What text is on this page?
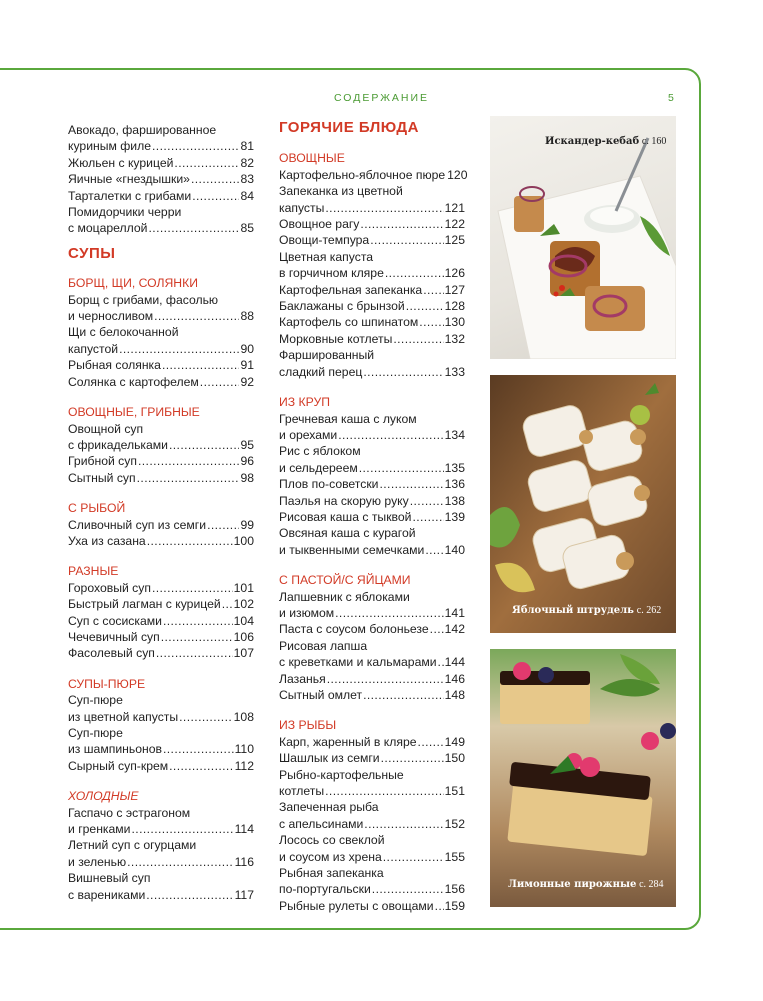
СОДЕРЖАНИЕ	5
Авокадо, фаршированное
куриным филе .....	81
Жюльен с курицей .....	82
Яичные «гнездышки» .....	83
Тарталетки с грибами .....	84
Помидорчики черри
с моцареллой .....	85
СУПЫ
БОРЩ, ЩИ, СОЛЯНКИ
Борщ с грибами, фасолью
и черносливом .....	88
Щи с белокочанной
капустой .....	90
Рыбная солянка .....	91
Солянка с картофелем .....	92
ОВОЩНЫЕ, ГРИБНЫЕ
Овощной суп
с фрикадельками .....	95
Грибной суп .....	96
Сытный суп .....	98
С РЫБОЙ
Сливочный суп из семги .....	99
Уха из сазана .....	100
РАЗНЫЕ
Гороховый суп .....	101
Быстрый лагман с курицей ..... 102
Суп с сосисками .....	104
Чечевичный суп .....	106
Фасолевый суп .....	107
СУПЫ-ПЮРЕ
Суп-пюре
из цветной капусты .....	108
Суп-пюре
из шампиньонов .....	110
Сырный суп-крем .....	112
ХОЛОДНЫЕ
Гаспачо с эстрагоном
и гренками .....	114
Летний суп с огурцами
и зеленью .....	116
Вишневый суп
с варениками .....	117
ГОРЯЧИЕ БЛЮДА
ОВОЩНЫЕ
Картофельно-яблочное пюре 120
Запеканка из цветной
капусты .....	121
Овощное рагу .....	122
Овощи-темпура .....	125
Цветная капуста
в горчичном кляре .....	126
Картофельная запеканка ..... 127
Баклажаны с брынзой .....	128
Картофель со шпинатом ..... 130
Морковные котлеты .....	132
Фаршированный
сладкий перец .....	133
ИЗ КРУП
Гречневая каша с луком
и орехами .....	134
Рис с яблоком
и сельдереем .....	135
Плов по-советски .....	136
Паэлья на скорую руку .....	138
Рисовая каша с тыквой .....	139
Овсяная каша с курагой
и тыквенными семечками ..... 140
С ПАСТОЙ/С ЯЙЦАМИ
Лапшевник с яблоками
и изюмом .....	141
Паста с соусом болоньезе ..... 142
Рисовая лапша
с креветками и кальмарами ..... 144
Лазанья .....	146
Сытный омлет .....	148
ИЗ РЫБЫ
Карп, жаренный в кляре ..... 149
Шашлык из семги .....	150
Рыбно-картофельные
котлеты .....	151
Запеченная рыба
с апельсинами .....	152
Лосось со свеклой
и соусом из хрена .....	155
Рыбная запеканка
по-португальски .....	156
Рыбные рулеты с овощами ..... 159
Искандер-кебаб с. 160
Яблочный штрудель с. 262
Лимонные пирожные с. 284
